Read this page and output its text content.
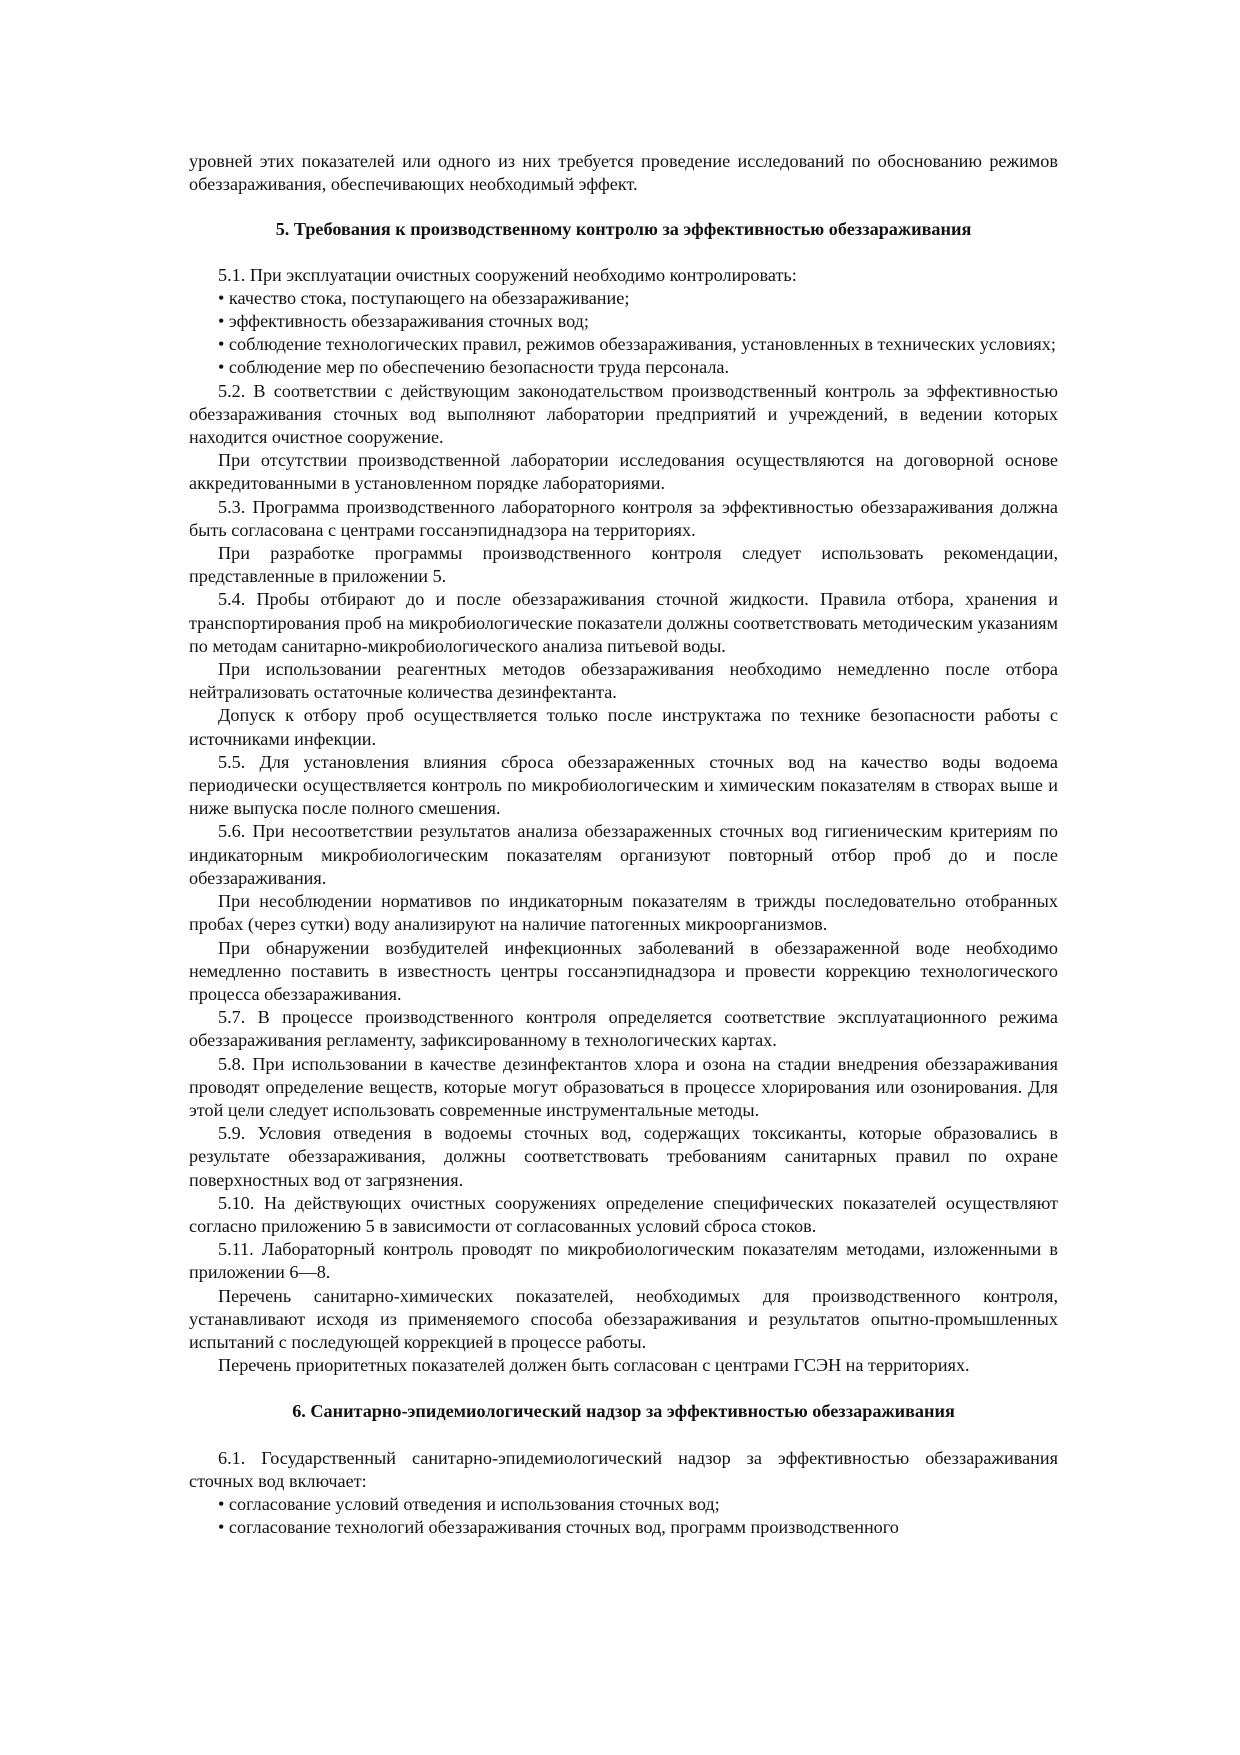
уровней этих показателей или одного из них требуется проведение исследований по обоснованию режимов обеззараживания, обеспечивающих необходимый эффект.

5. Требования к производственному контролю за эффективностью обеззараживания

5.1. При эксплуатации очистных сооружений необходимо контролировать:

• качество стока, поступающего на обеззараживание;

• эффективность обеззараживания сточных вод;

• соблюдение технологических правил, режимов обеззараживания, установленных в технических условиях;

• соблюдение мер по обеспечению безопасности труда персонала.

5.2. В соответствии с действующим законодательством производственный контроль за эффективностью обеззараживания сточных вод выполняют лаборатории предприятий и учреждений, в ведении которых находится очистное сооружение.

При отсутствии производственной лаборатории исследования осуществляются на договорной основе аккредитованными в установленном порядке лабораториями.

5.3. Программа производственного лабораторного контроля за эффективностью обеззараживания должна быть согласована с центрами госсанэпиднадзора на территориях.

При разработке программы производственного контроля следует использовать рекомендации, представленные в приложении 5.

5.4. Пробы отбирают до и после обеззараживания сточной жидкости. Правила отбора, хранения и транспортирования проб на микробиологические показатели должны соответствовать методическим указаниям по методам санитарно-микробиологического анализа питьевой воды.

При использовании реагентных методов обеззараживания необходимо немедленно после отбора нейтрализовать остаточные количества дезинфектанта.

Допуск к отбору проб осуществляется только после инструктажа по технике безопасности работы с источниками инфекции.

5.5. Для установления влияния сброса обеззараженных сточных вод на качество воды водоема периодически осуществляется контроль по микробиологическим и химическим показателям в створах выше и ниже выпуска после полного смешения.

5.6. При несоответствии результатов анализа обеззараженных сточных вод гигиеническим критериям по индикаторным микробиологическим показателям организуют повторный отбор проб до и после обеззараживания.

При несоблюдении нормативов по индикаторным показателям в трижды последовательно отобранных пробах (через сутки) воду анализируют на наличие патогенных микроорганизмов.

При обнаружении возбудителей инфекционных заболеваний в обеззараженной воде необходимо немедленно поставить в известность центры госсанэпиднадзора и провести коррекцию технологического процесса обеззараживания.

5.7. В процессе производственного контроля определяется соответствие эксплуатационного режима обеззараживания регламенту, зафиксированному в технологических картах.

5.8. При использовании в качестве дезинфектантов хлора и озона на стадии внедрения обеззараживания проводят определение веществ, которые могут образоваться в процессе хлорирования или озонирования. Для этой цели следует использовать современные инструментальные методы.

5.9. Условия отведения в водоемы сточных вод, содержащих токсиканты, которые образовались в результате обеззараживания, должны соответствовать требованиям санитарных правил по охране поверхностных вод от загрязнения.

5.10. На действующих очистных сооружениях определение специфических показателей осуществляют согласно приложению 5 в зависимости от согласованных условий сброса стоков.

5.11. Лабораторный контроль проводят по микробиологическим показателям методами, изложенными в приложении 6—8.

Перечень санитарно-химических показателей, необходимых для производственного контроля, устанавливают исходя из применяемого способа обеззараживания и результатов опытно-промышленных испытаний с последующей коррекцией в процессе работы.

Перечень приоритетных показателей должен быть согласован с центрами ГСЭН на территориях.

6. Санитарно-эпидемиологический надзор за эффективностью обеззараживания

6.1. Государственный санитарно-эпидемиологический надзор за эффективностью обеззараживания сточных вод включает:

• согласование условий отведения и использования сточных вод;

• согласование технологий обеззараживания сточных вод, программ производственного
